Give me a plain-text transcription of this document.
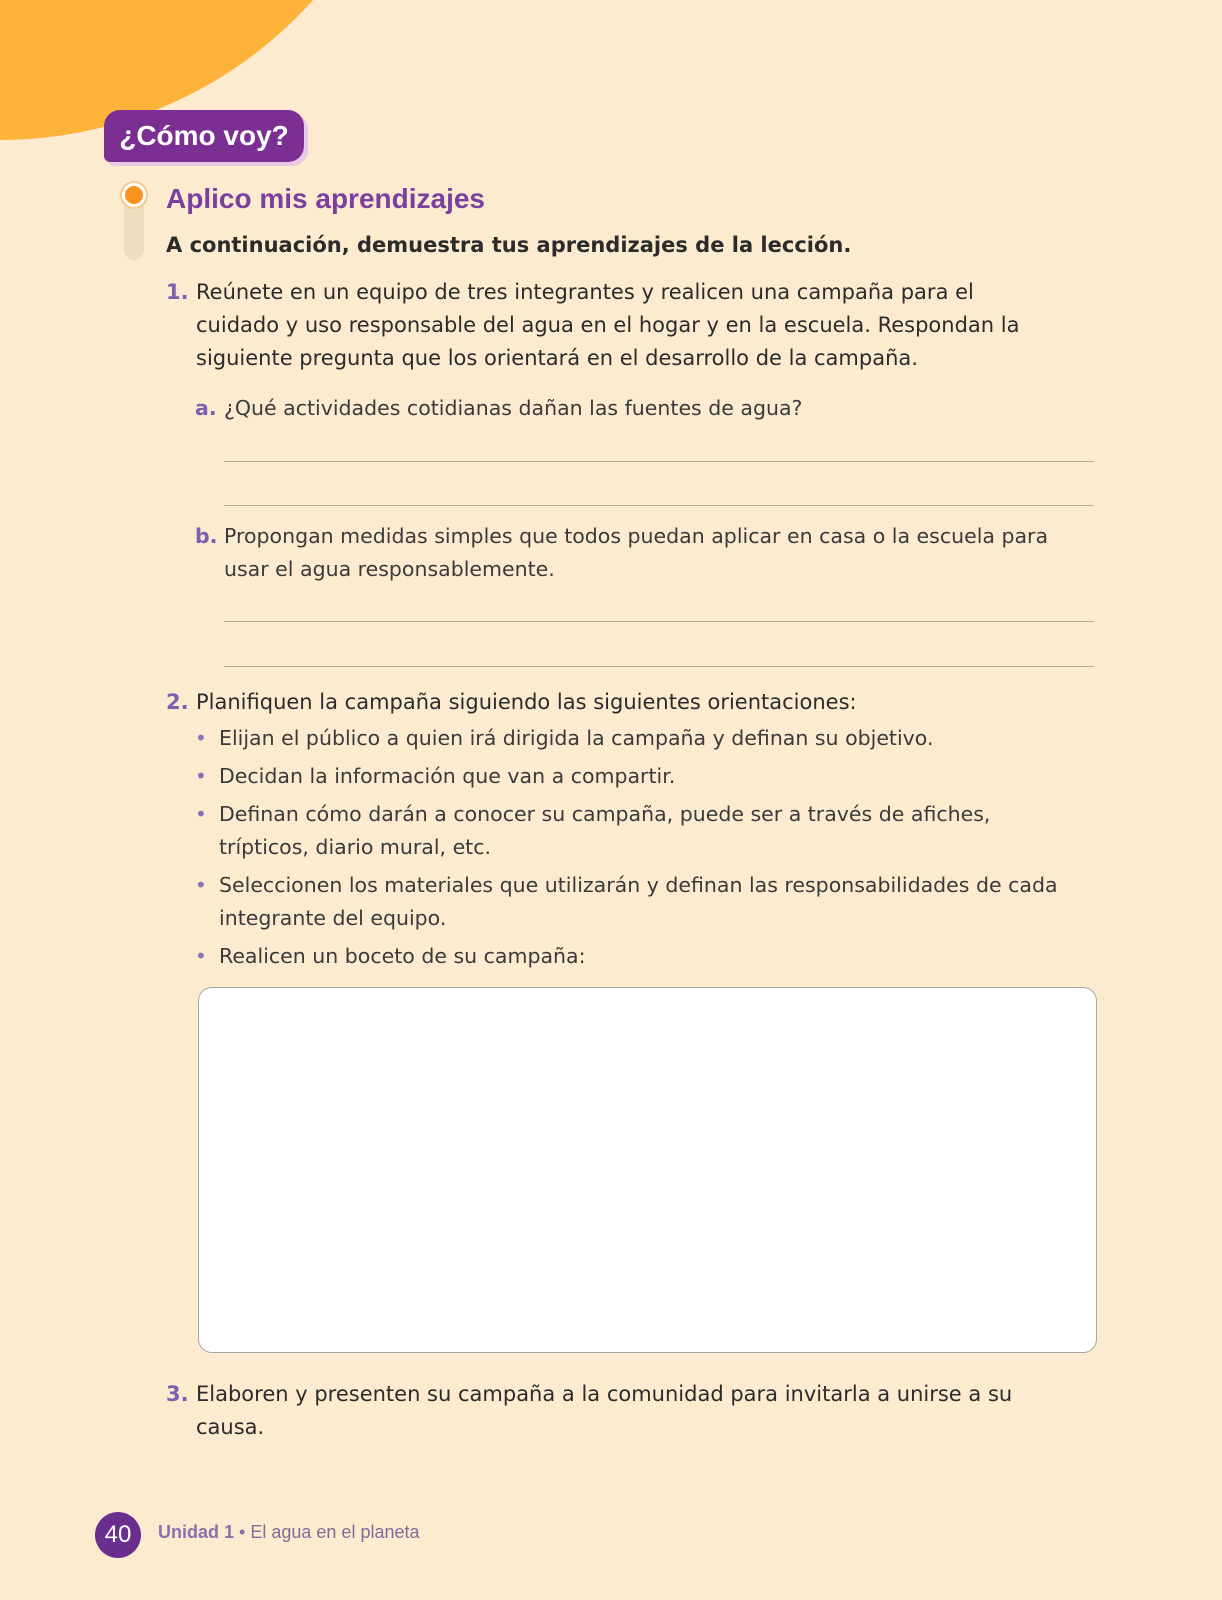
¿Cómo voy?
Aplico mis aprendizajes
A continuación, demuestra tus aprendizajes de la lección.
1. Reúnete en un equipo de tres integrantes y realicen una campaña para el cuidado y uso responsable del agua en el hogar y en la escuela. Respondan la siguiente pregunta que los orientará en el desarrollo de la campaña.
a. ¿Qué actividades cotidianas dañan las fuentes de agua?
b. Propongan medidas simples que todos puedan aplicar en casa o la escuela para usar el agua responsablemente.
2. Planifiquen la campaña siguiendo las siguientes orientaciones:
• Elijan el público a quien irá dirigida la campaña y definan su objetivo.
• Decidan la información que van a compartir.
• Definan cómo darán a conocer su campaña, puede ser a través de afiches, trípticos, diario mural, etc.
• Seleccionen los materiales que utilizarán y definan las responsabilidades de cada integrante del equipo.
• Realicen un boceto de su campaña:
3. Elaboren y presenten su campaña a la comunidad para invitarla a unirse a su causa.
40	Unidad 1 • El agua en el planeta
